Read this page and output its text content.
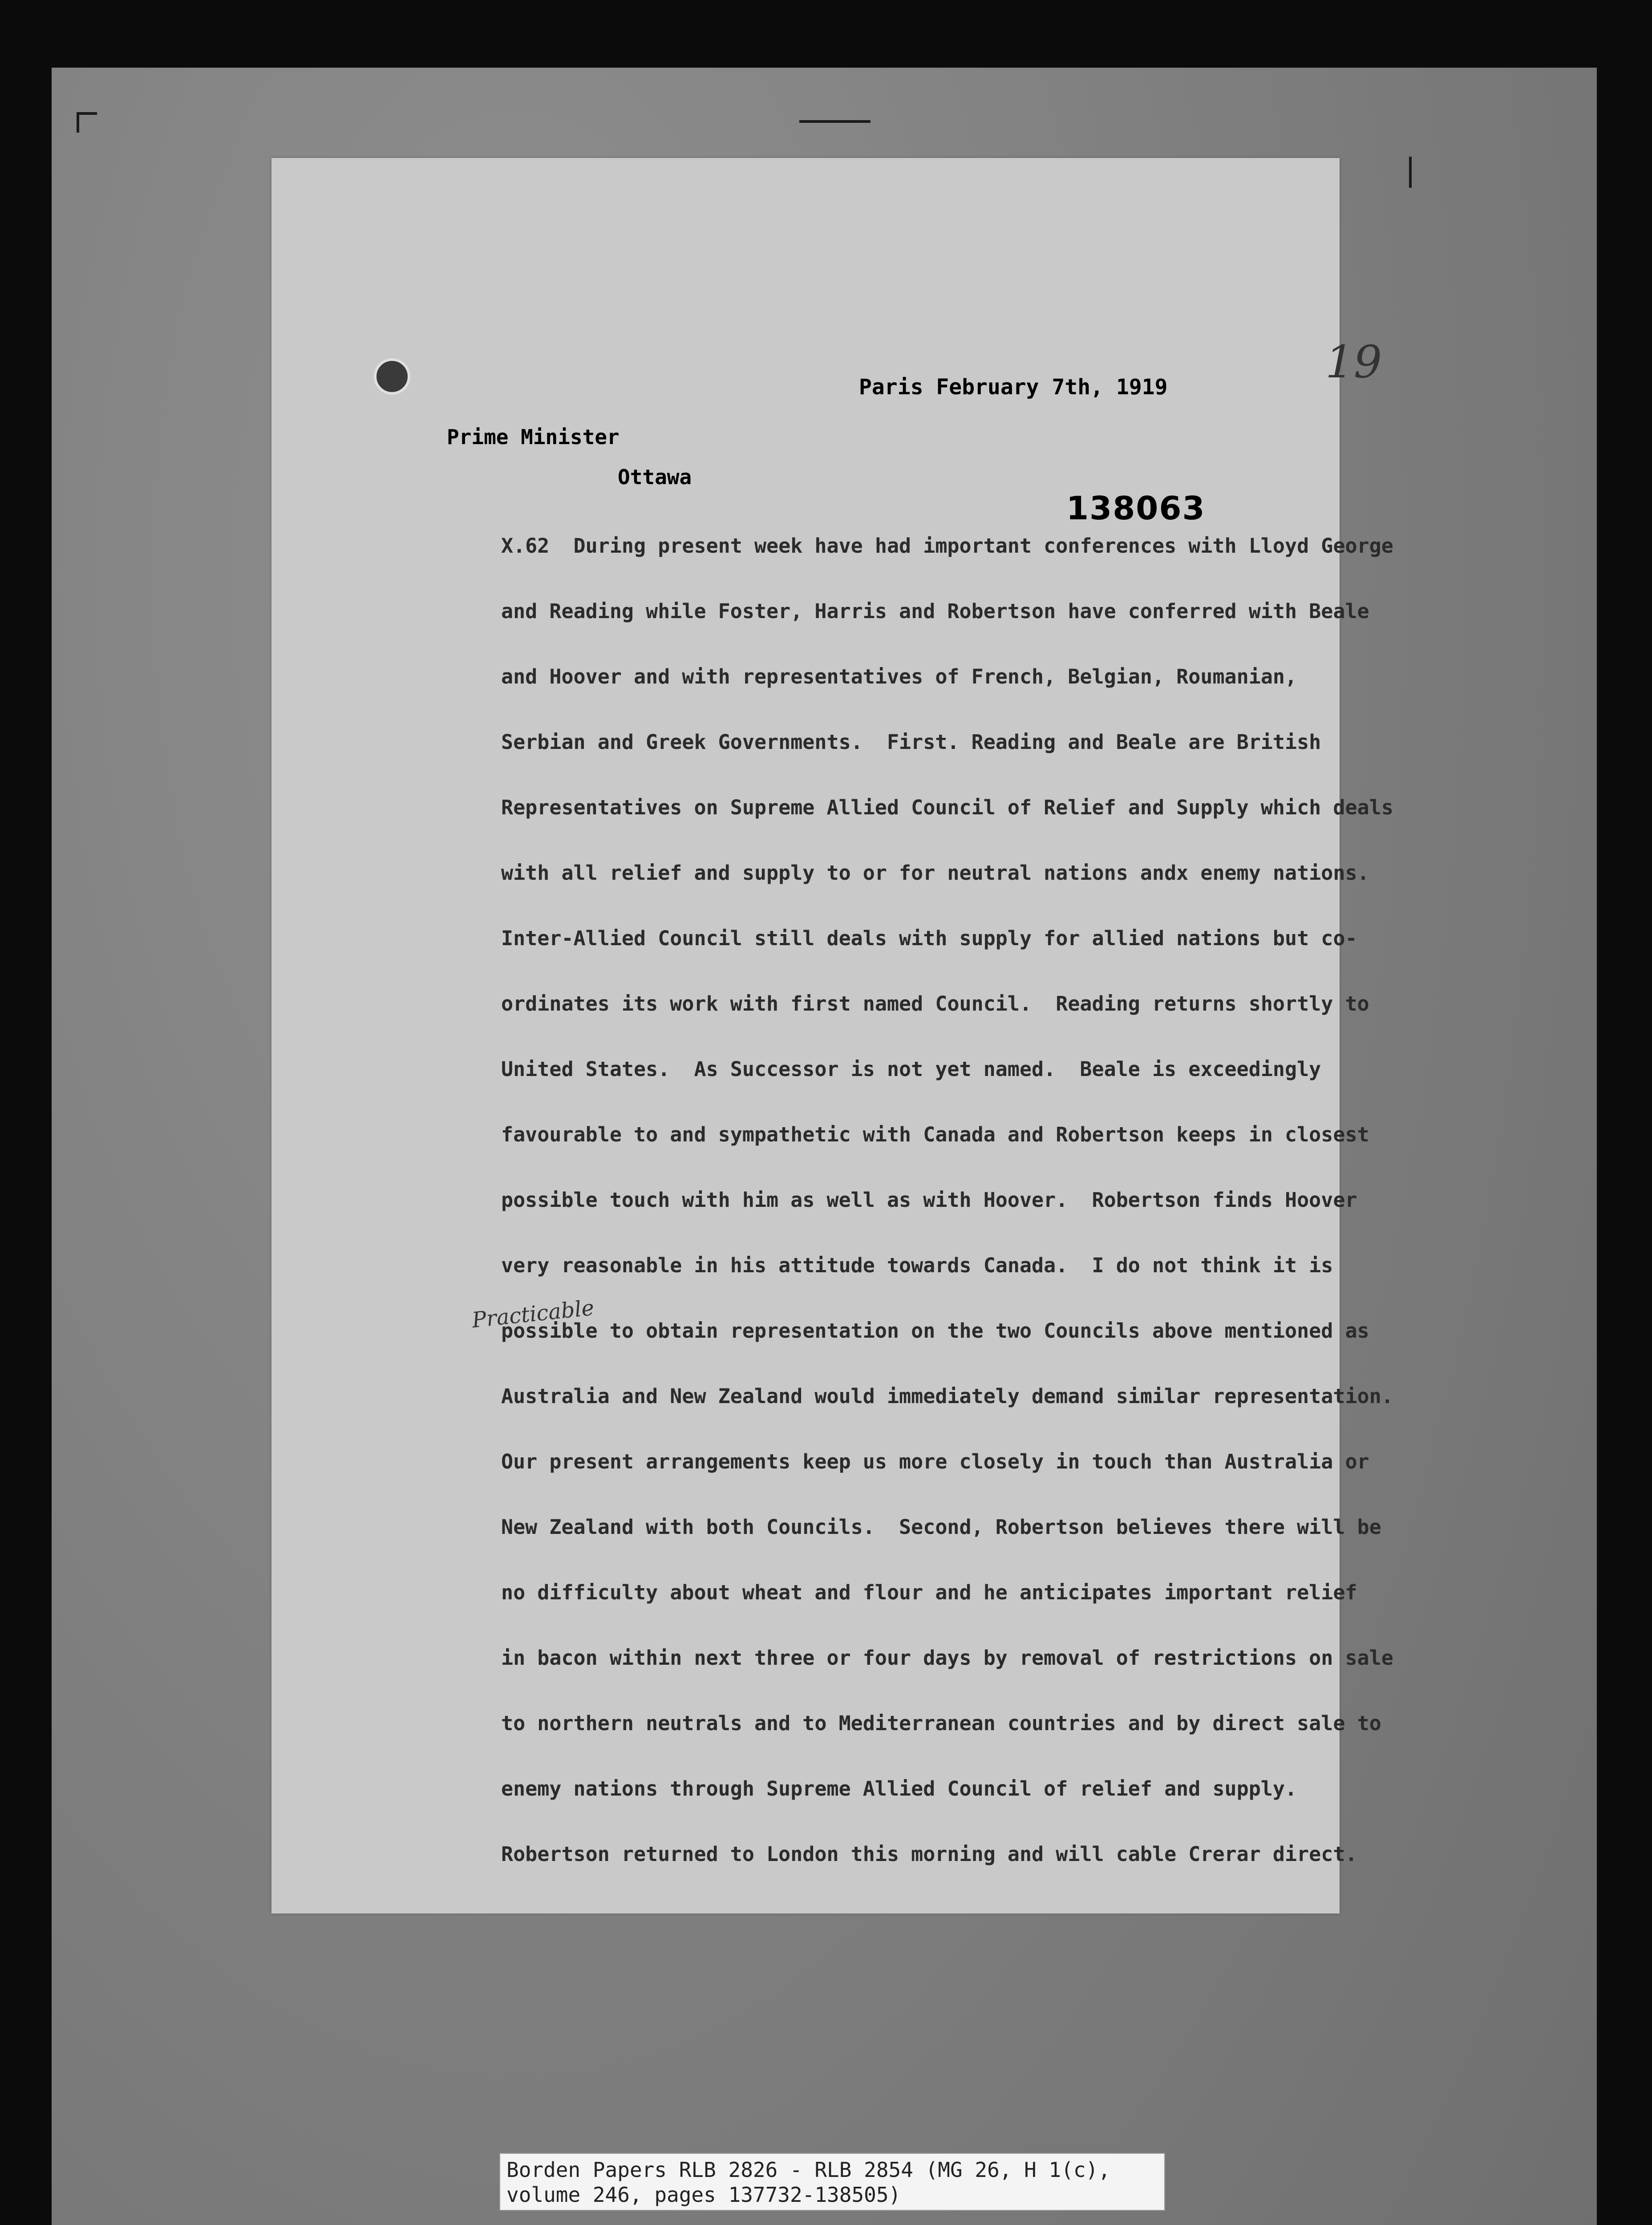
19
Paris February 7th, 1919
Prime Minister
Ottawa
138063
X.62  During present week have had important conferences with Lloyd George
and Reading while Foster, Harris and Robertson have conferred with Beale
and Hoover and with representatives of French, Belgian, Roumanian,
Serbian and Greek Governments.  First. Reading and Beale are British
Representatives on Supreme Allied Council of Relief and Supply which deals
with all relief and supply to or for neutral nations andx enemy nations.
Inter-Allied Council still deals with supply for allied nations but co-
ordinates its work with first named Council.  Reading returns shortly to
United States.  As Successor is not yet named.  Beale is exceedingly
favourable to and sympathetic with Canada and Robertson keeps in closest
possible touch with him as well as with Hoover.  Robertson finds Hoover
very reasonable in his attitude towards Canada.  I do not think it is
possible to obtain representation on the two Councils above mentioned as
Australia and New Zealand would immediately demand similar representation.
Our present arrangements keep us more closely in touch than Australia or
New Zealand with both Councils.  Second, Robertson believes there will be
no difficulty about wheat and flour and he anticipates important relief
in bacon within next three or four days by removal of restrictions on sale
to northern neutrals and to Mediterranean countries and by direct sale to
enemy nations through Supreme Allied Council of relief and supply.
Robertson returned to London this morning and will cable Crerar direct.
Practicable
Borden Papers RLB 2826 - RLB 2854 (MG 26, H 1(c),
volume 246, pages 137732-138505)
